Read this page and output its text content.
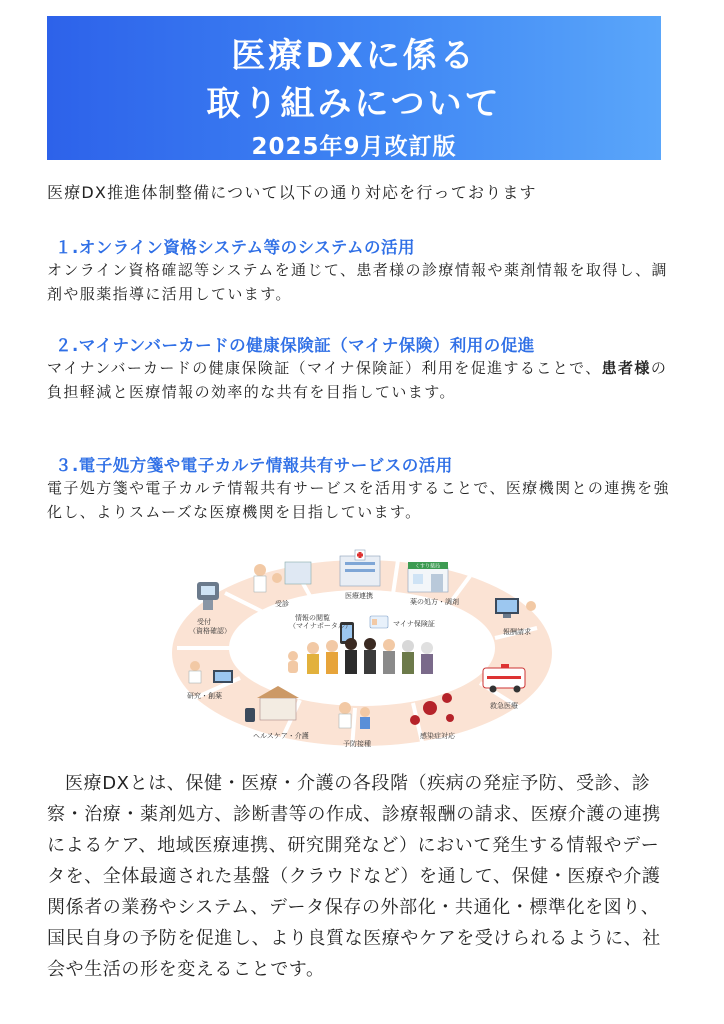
医療DXに係る
取り組みについて
2025年9月改訂版
医療DX推進体制整備について以下の通り対応を行っております
１.オンライン資格システム等のシステムの活用
オンライン資格確認等システムを通じて、患者様の診療情報や薬剤情報を取得し、調剤や服薬指導に活用しています。
２.マイナンバーカードの健康保険証（マイナ保険）利用の促進
マイナンバーカードの健康保険証（マイナ保険証）利用を促進することで、患者様の負担軽減と医療情報の効率的な共有を目指しています。
３.電子処方箋や電子カルテ情報共有サービスの活用
電子処方箋や電子カルテ情報共有サービスを活用することで、医療機関との連携を強化し、よりスムーズな医療機関を目指しています。
受付
（資格確認）
受診
医療連携
くすり薬局
薬の処方・調剤
報酬請求
救急医療
感染症対応
予防接種
ヘルスケア・介護
研究・創薬
情報の閲覧
（マイナポータル）	マイナ保険証
医療DXとは、保健・医療・介護の各段階（疾病の発症予防、受診、診察・治療・薬剤処方、診断書等の作成、診療報酬の請求、医療介護の連携によるケア、地域医療連携、研究開発など）において発生する情報やデータを、全体最適された基盤（クラウドなど）を通して、保健・医療や介護関係者の業務やシステム、データ保存の外部化・共通化・標準化を図り、国民自身の予防を促進し、より良質な医療やケアを受けられるように、社会や生活の形を変えることです。
